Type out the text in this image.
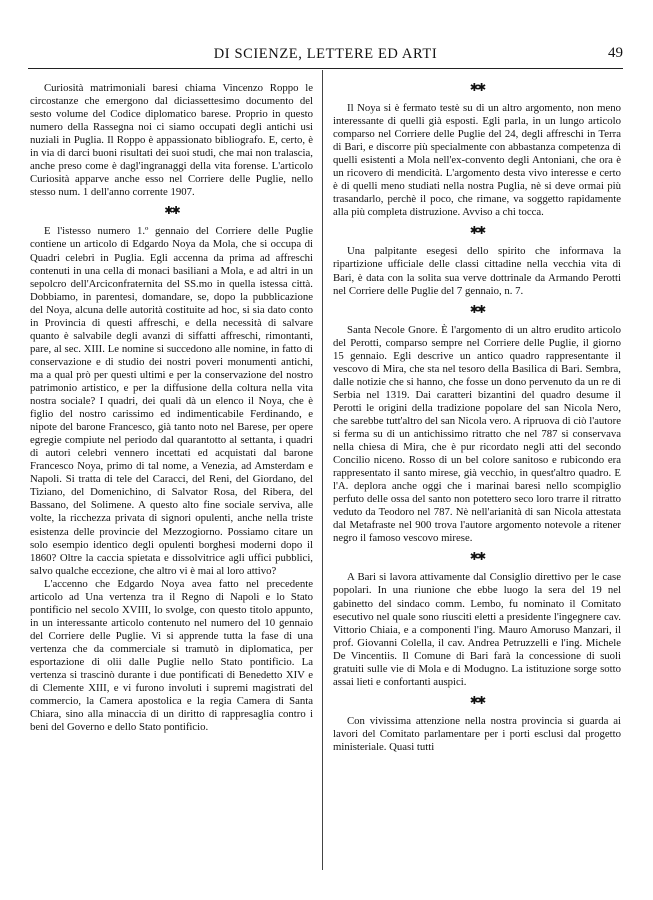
DI SCIENZE, LETTERE ED ARTI	49

Curiosità matrimoniali baresi chiama Vincenzo Roppo le circostanze che emergono dal diciassettesimo documento del sesto volume del Codice diplomatico barese. Proprio in questo numero della Rassegna noi ci siamo occupati degli antichi usi nuziali in Puglia. Il Roppo è appassionato bibliografo. E, certo, è in via di darci buoni risultati dei suoi studi, che mai non tralascia, anche preso come è dagl'ingranaggi della vita forense. L'articolo Curiosità apparve anche esso nel Corriere delle Puglie, nello stesso num. 1 dell'anno corrente 1907.

✱✱

E l'istesso numero 1.º gennaio del Corriere delle Puglie contiene un articolo di Edgardo Noya da Mola, che si occupa di Quadri celebri in Puglia. Egli accenna da prima ad affreschi contenuti in una cella di monaci basiliani a Mola, e ad altri in un sepolcro dell'Arciconfraternita del SS.mo in quella istessa città. Dobbiamo, in parentesi, domandare, se, dopo la pubblicazione del Noya, alcuna delle autorità costituite ad hoc, si sia dato conto in Provincia di questi affreschi, e della necessità di salvare quanto è salvabile degli avanzi di siffatti affreschi, rimontanti, pare, al sec. XIII. Le nomine si succedono alle nomine, in fatto di conservazione e di studio dei nostri poveri monumenti antichi, ma a qual prò per questi ultimi e per la conservazione del nostro patrimonio artistico, e per la diffusione della coltura nella vita nostra sociale? I quadri, dei quali dà un elenco il Noya, che è figlio del nostro carissimo ed indimenticabile Ferdinando, e nipote del barone Francesco, già tanto noto nel Barese, per opere egregie compiute nel periodo dal quarantotto al settanta, i quadri di autori celebri vennero incettati ed acquistati dal barone Francesco Noya, primo di tal nome, a Venezia, ad Amsterdam e Napoli. Si tratta di tele del Caracci, del Reni, del Giordano, del Tiziano, del Domenichino, di Salvator Rosa, del Ribera, del Bassano, del Solimene. A questo alto fine sociale serviva, alle volte, la ricchezza privata di signori opulenti, anche nella triste esistenza delle provincie del Mezzogiorno. Possiamo citare un solo esempio identico degli opulenti borghesi moderni dopo il 1860? Oltre la caccia spietata e dissolvitrice agli uffici pubblici, salvo qualche eccezione, che altro vi è mai al loro attivo?

L'accenno che Edgardo Noya avea fatto nel precedente articolo ad Una vertenza tra il Regno di Napoli e lo Stato pontificio nel secolo XVIII, lo svolge, con questo titolo appunto, in un interessante articolo contenuto nel numero del 10 gennaio del Corriere delle Puglie. Vi si apprende tutta la fase di una vertenza che da commerciale si tramutò in diplomatica, per esportazione di olii dalle Puglie nello Stato pontificio. La vertenza si trascinò durante i due pontificati di Benedetto XIV e di Clemente XIII, e vi furono involuti i supremi magistrati del commercio, la Camera apostolica e la regia Camera di Santa Chiara, sino alla minaccia di un diritto di rappresaglia contro i beni del Governo e dello Stato pontificio.

✱✱

Il Noya si è fermato testè su di un altro argomento, non meno interessante di quelli già esposti. Egli parla, in un lungo articolo comparso nel Corriere delle Puglie del 24, degli affreschi in Terra di Bari, e discorre più specialmente con abbastanza competenza di quelli esistenti a Mola nell'ex-convento degli Antoniani, che ora è un ricovero di mendicità. L'argomento desta vivo interesse e certo è di quelli meno studiati nella nostra Puglia, nè si deve ormai più trasandarlo, perchè il poco, che rimane, va soggetto rapidamente alla più completa distruzione. Avviso a chi tocca.

✱✱

Una palpitante esegesi dello spirito che informava la ripartizione ufficiale delle classi cittadine nella vecchia vita di Bari, è data con la solita sua verve dottrinale da Armando Perotti nel Corriere delle Puglie del 7 gennaio, n. 7.

✱✱

Santa Necole Gnore. È l'argomento di un altro erudito articolo del Perotti, comparso sempre nel Corriere delle Puglie, il giorno 15 gennaio. Egli descrive un antico quadro rappresentante il vescovo di Mira, che sta nel tesoro della Basilica di Bari. Sembra, dalle notizie che si hanno, che fosse un dono pervenuto da un re di Serbia nel 1319. Dai caratteri bizantini del quadro desume il Perotti le origini della tradizione popolare del san Nicola Nero, che sarebbe tutt'altro del san Nicola vero. A ripruova di ciò l'autore si ferma su di un antichissimo ritratto che nel 787 si conservava nella chiesa di Mira, che è pur ricordato negli atti del secondo Concilio niceno. Rosso di un bel colore sanitoso e rubicondo era rappresentato il santo mirese, già vecchio, in quest'altro quadro. E l'A. deplora anche oggi che i marinai baresi nello scompiglio perfuto delle ossa del santo non potettero seco loro trarre il ritratto veduto da Teodoro nel 787. Nè nell'arianità di san Nicola attestata dal Metafraste nel 900 trova l'autore argomento notevole a ritener negro il famoso vescovo mirese.

✱✱

A Bari si lavora attivamente dal Consiglio direttivo per le case popolari. In una riunione che ebbe luogo la sera del 19 nel gabinetto del sindaco comm. Lembo, fu nominato il Comitato esecutivo nel quale sono riusciti eletti a presidente l'ingegnere cav. Vittorio Chiaia, e a componenti l'ing. Mauro Amoruso Manzari, il prof. Giovanni Colella, il cav. Andrea Petruzzelli e l'ing. Michele De Vincentiis. Il Comune di Bari farà la concessione di suoli gratuiti sulle vie di Mola e di Modugno. La istituzione sorge sotto assai lieti e confortanti auspici.

✱✱

Con vivissima attenzione nella nostra provincia si guarda ai lavori del Comitato parlamentare per i porti esclusi dal progetto ministeriale. Quasi tutti
